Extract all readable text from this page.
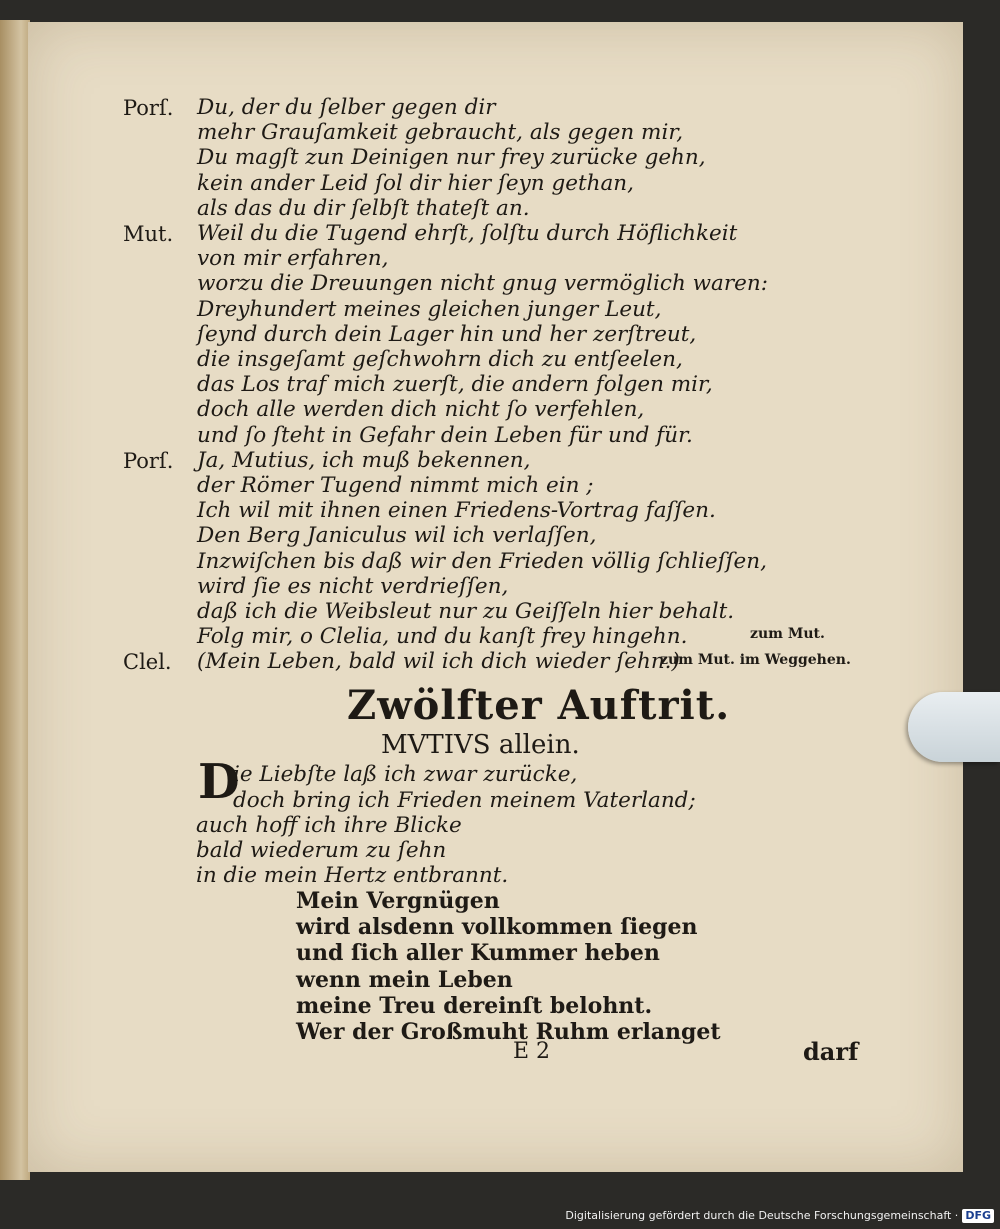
Porſ. Du, der du ſelber gegen dir
mehr Grauſamkeit gebraucht, als gegen mir,
Du magſt zun Deinigen nur frey zurücke gehn,
kein ander Leid ſol dir hier ſeyn gethan,
als das du dir ſelbſt thateſt an.
Mut. Weil du die Tugend ehrſt, ſolſtu durch Höflichkeit
von mir erfahren,
worzu die Dreuungen nicht gnug vermöglich waren:
Dreyhundert meines gleichen junger Leut,
ſeynd durch dein Lager hin und her zerſtreut,
die insgeſamt geſchwohrn dich zu entſeelen,
das Los traf mich zuerſt, die andern folgen mir,
doch alle werden dich nicht ſo verfehlen,
und ſo ſteht in Gefahr dein Leben für und für.
Porſ. Ja, Mutius, ich muß bekennen,
der Römer Tugend nimmt mich ein ;
Ich wil mit ihnen einen Friedens-Vortrag faſſen.
Den Berg Janiculus wil ich verlaſſen,
Inzwiſchen bis daß wir den Frieden völlig ſchlieſſen,
wird ſie es nicht verdrieſſen,
daß ich die Weibsleut nur zu Geiſſeln hier behalt.
Folg mir, o Clelia, und du kanſt frey hingehn.
Clel. (Mein Leben, bald wil ich dich wieder ſehn.)
zum Mut.
zum Mut. im Weggehen.
Zwölfter Auftrit.
MVTIVS allein.
D
ie Liebſte laß ich zwar zurücke,
doch bring ich Frieden meinem Vaterland;
auch hoff ich ihre Blicke
bald wiederum zu ſehn
in die mein Hertz entbrannt.
Mein Vergnügen
wird alsdenn vollkommen ſiegen
und ſich aller Kummer heben
wenn mein Leben
meine Treu dereinſt belohnt.
Wer der Großmuht Ruhm erlanget
E 2	darf
Digitalisierung gefördert durch die Deutsche Forschungsgemeinschaft · DFG
